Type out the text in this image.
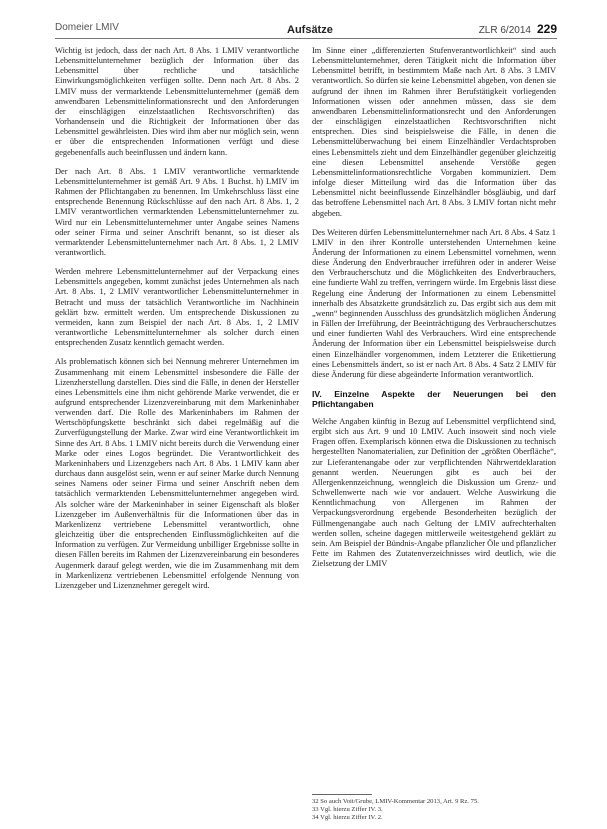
Domeier LMIV	Aufsätze	ZLR 6/2014 229

Wichtig ist jedoch, dass der nach Art. 8 Abs. 1 LMIV verantwortliche Lebensmittelunternehmer bezüglich der Information über das Lebensmittel über rechtliche und tatsächliche Einwirkungsmöglichkeiten verfügen sollte. Denn nach Art. 8 Abs. 2 LMIV muss der vermarktende Lebensmittelunternehmer (gemäß dem anwendbaren Lebensmittelinformationsrecht und den Anforderungen der einschlägigen einzelstaatlichen Rechtsvorschriften) das Vorhandensein und die Richtigkeit der Informationen über das Lebensmittel gewährleisten. Dies wird ihm aber nur möglich sein, wenn er über die entsprechenden Informationen verfügt und diese gegebenenfalls auch beeinflussen und ändern kann.

Der nach Art. 8 Abs. 1 LMIV verantwortliche vermarktende Lebensmittelunternehmer ist gemäß Art. 9 Abs. 1 Buchst. h) LMIV im Rahmen der Pflichtangaben zu benennen. Im Umkehrschluss lässt eine entsprechende Benennung Rückschlüsse auf den nach Art. 8 Abs. 1, 2 LMIV verantwortlichen vermarktenden Lebensmittelunternehmer zu. Wird nur ein Lebensmittelunternehmer unter Angabe seines Namens oder seiner Firma und seiner Anschrift benannt, so ist dieser als vermarktender Lebensmittelunternehmer nach Art. 8 Abs. 1, 2 LMIV verantwortlich.

Werden mehrere Lebensmittelunternehmer auf der Verpackung eines Lebensmittels angegeben, kommt zunächst jedes Unternehmen als nach Art. 8 Abs. 1, 2 LMIV verantwortlicher Lebensmittelunternehmer in Betracht und muss der tatsächlich Verantwortliche im Nachhinein geklärt bzw. ermittelt werden. Um entsprechende Diskussionen zu vermeiden, kann zum Beispiel der nach Art. 8 Abs. 1, 2 LMIV verantwortliche Lebensmittelunternehmer als solcher durch einen entsprechenden Zusatz kenntlich gemacht werden.

Als problematisch können sich bei Nennung mehrerer Unternehmen im Zusammenhang mit einem Lebensmittel insbesondere die Fälle der Lizenzherstellung darstellen. Dies sind die Fälle, in denen der Hersteller eines Lebensmittels eine ihm nicht gehörende Marke verwendet, die er aufgrund entsprechender Lizenzvereinbarung mit dem Markeninhaber verwenden darf. Die Rolle des Markeninhabers im Rahmen der Wertschöpfungskette beschränkt sich dabei regelmäßig auf die Zurverfügungstellung der Marke. Zwar wird eine Verantwortlichkeit im Sinne des Art. 8 Abs. 1 LMIV nicht bereits durch die Verwendung einer Marke oder eines Logos begründet. Die Verantwortlichkeit des Markeninhabers und Lizenzgebers nach Art. 8 Abs. 1 LMIV kann aber durchaus dann ausgelöst sein, wenn er auf seiner Marke durch Nennung seines Namens oder seiner Firma und seiner Anschrift neben dem tatsächlich vermarktenden Lebensmittelunternehmer angegeben wird. Als solcher wäre der Markeninhaber in seiner Eigenschaft als bloßer Lizenzgeber im Außenverhältnis für die Informationen über das in Markenlizenz vertriebene Lebensmittel verantwortlich, ohne gleichzeitig über die entsprechenden Einflussmöglichkeiten auf die Information zu verfügen. Zur Vermeidung unbilliger Ergebnisse sollte in diesen Fällen bereits im Rahmen der Lizenzvereinbarung ein besonderes Augenmerk darauf gelegt werden, wie die im Zusammenhang mit dem in Markenlizenz vertriebenen Lebensmittel erfolgende Nennung von Lizenzgeber und Lizenznehmer geregelt wird.

Im Sinne einer „differenzierten Stufenverantwortlichkeit“ sind auch Lebensmittelunternehmer, deren Tätigkeit nicht die Information über Lebensmittel betrifft, in bestimmtem Maße nach Art. 8 Abs. 3 LMIV verantwortlich. So dürfen sie keine Lebensmittel abgeben, von denen sie aufgrund der ihnen im Rahmen ihrer Berufstätigkeit vorliegenden Informationen wissen oder annehmen müssen, dass sie dem anwendbaren Lebensmittelinformationsrecht und den Anforderungen der einschlägigen einzelstaatlichen Rechtsvorschriften nicht entsprechen. Dies sind beispielsweise die Fälle, in denen die Lebensmittelüberwachung bei einem Einzelhändler Verdachtsproben eines Lebensmittels zieht und dem Einzelhändler gegenüber gleichzeitig eine diesen Lebensmittel ansehende Verstöße gegen Lebensmittelinformationsrechtliche Vorgaben kommuniziert. Dem infolge dieser Mitteilung wird das die Information über das Lebensmittel nicht beeinflussende Einzelhändler bösgläubig, und darf das betroffene Lebensmittel nach Art. 8 Abs. 3 LMIV fortan nicht mehr abgeben.

Des Weiteren dürfen Lebensmittelunternehmer nach Art. 8 Abs. 4 Satz 1 LMIV in den ihrer Kontrolle unterstehenden Unternehmen keine Änderung der Informationen zu einem Lebensmittel vornehmen, wenn diese Änderung den Endverbraucher irreführen oder in anderer Weise den Verbraucherschutz und die Möglichkeiten des Endverbrauchers, eine fundierte Wahl zu treffen, verringern würde. Im Ergebnis lässt diese Regelung eine Änderung der Informationen zu einem Lebensmittel innerhalb des Absatzkette grundsätzlich zu. Das ergibt sich aus dem mit „wenn“ beginnenden Ausschluss des grundsätzlich möglichen Änderung in Fällen der Irreführung, der Beeinträchtigung des Verbraucherschutzes und einer fundierten Wahl des Verbrauchers. Wird eine entsprechende Änderung der Information über ein Lebensmittel beispielsweise durch einen Einzelhändler vorgenommen, indem Letzterer die Etikettierung eines Lebensmittels ändert, so ist er nach Art. 8 Abs. 4 Satz 2 LMIV für diese Änderung für diese abgeänderte Information verantwortlich.

IV. Einzelne Aspekte der Neuerungen bei den Pflichtangaben

Welche Angaben künftig in Bezug auf Lebensmittel verpflichtend sind, ergibt sich aus Art. 9 und 10 LMIV. Auch insoweit sind noch viele Fragen offen. Exemplarisch können etwa die Diskussionen zu technisch hergestellten Nanomaterialien, zur Definition der „größten Oberfläche“, zur Lieferantenangabe oder zur verpflichtenden Nährwertdeklaration genannt werden. Neuerungen gibt es auch bei der Allergenkennzeichnung, wenngleich die Diskussion um Grenz- und Schwellenwerte nach wie vor andauert. Welche Auswirkung die Kenntlichmachung von Allergenen im Rahmen der Verpackungsverordnung ergebende Besonderheiten bezüglich der Füllmengenangabe auch nach Geltung der LMIV aufrechterhalten werden sollen, scheine dagegen mittlerweile weitestgehend geklärt zu sein. Am Beispiel der Bündnis-Angabe pflanzlicher Öle und pflanzlicher Fette im Rahmen des Zutatenverzeichnisses wird deutlich, wie die Zielsetzung der LMIV

32 So auch Voit/Grube, LMIV-Kommentar 2013, Art. 9 Rz. 75.
33 Vgl. hierzu Ziffer IV. 3.
34 Vgl. hierzu Ziffer IV. 2.
